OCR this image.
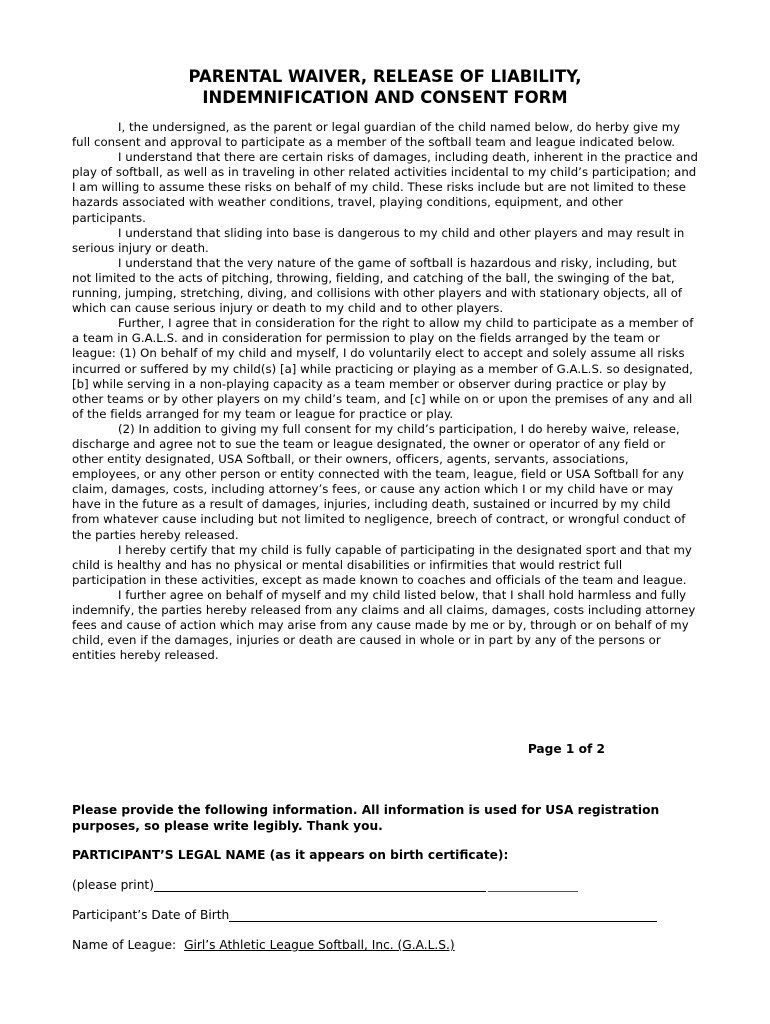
PARENTAL WAIVER, RELEASE OF LIABILITY,
INDEMNIFICATION AND CONSENT FORM

I, the undersigned, as the parent or legal guardian of the child named below, do herby give my full consent and approval to participate as a member of the softball team and league indicated below.

I understand that there are certain risks of damages, including death, inherent in the practice and play of softball, as well as in traveling in other related activities incidental to my child’s participation; and I am willing to assume these risks on behalf of my child. These risks include but are not limited to these hazards associated with weather conditions, travel, playing conditions, equipment, and other participants.

I understand that sliding into base is dangerous to my child and other players and may result in serious injury or death.

I understand that the very nature of the game of softball is hazardous and risky, including, but not limited to the acts of pitching, throwing, fielding, and catching of the ball, the swinging of the bat, running, jumping, stretching, diving, and collisions with other players and with stationary objects, all of which can cause serious injury or death to my child and to other players.

Further, I agree that in consideration for the right to allow my child to participate as a member of a team in G.A.L.S. and in consideration for permission to play on the fields arranged by the team or league: (1) On behalf of my child and myself, I do voluntarily elect to accept and solely assume all risks incurred or suffered by my child(s) [a] while practicing or playing as a member of G.A.L.S. so designated, [b] while serving in a non-playing capacity as a team member or observer during practice or play by other teams or by other players on my child’s team, and [c] while on or upon the premises of any and all of the fields arranged for my team or league for practice or play.

(2) In addition to giving my full consent for my child’s participation, I do hereby waive, release, discharge and agree not to sue the team or league designated, the owner or operator of any field or other entity designated, USA Softball, or their owners, officers, agents, servants, associations, employees, or any other person or entity connected with the team, league, field or USA Softball for any claim, damages, costs, including attorney’s fees, or cause any action which I or my child have or may have in the future as a result of damages, injuries, including death, sustained or incurred by my child from whatever cause including but not limited to negligence, breech of contract, or wrongful conduct of the parties hereby released.

I hereby certify that my child is fully capable of participating in the designated sport and that my child is healthy and has no physical or mental disabilities or infirmities that would restrict full participation in these activities, except as made known to coaches and officials of the team and league.

I further agree on behalf of myself and my child listed below, that I shall hold harmless and fully indemnify, the parties hereby released from any claims and all claims, damages, costs including attorney fees and cause of action which may arise from any cause made by me or by, through or on behalf of my child, even if the damages, injuries or death are caused in whole or in part by any of the persons or entities hereby released.

Page 1 of 2

Please provide the following information. All information is used for USA registration purposes, so please write legibly. Thank you.

PARTICIPANT’S LEGAL NAME (as it appears on birth certificate):

(please print)
Participant’s Date of Birth
Name of League: Girl’s Athletic League Softball, Inc. (G.A.L.S.)
